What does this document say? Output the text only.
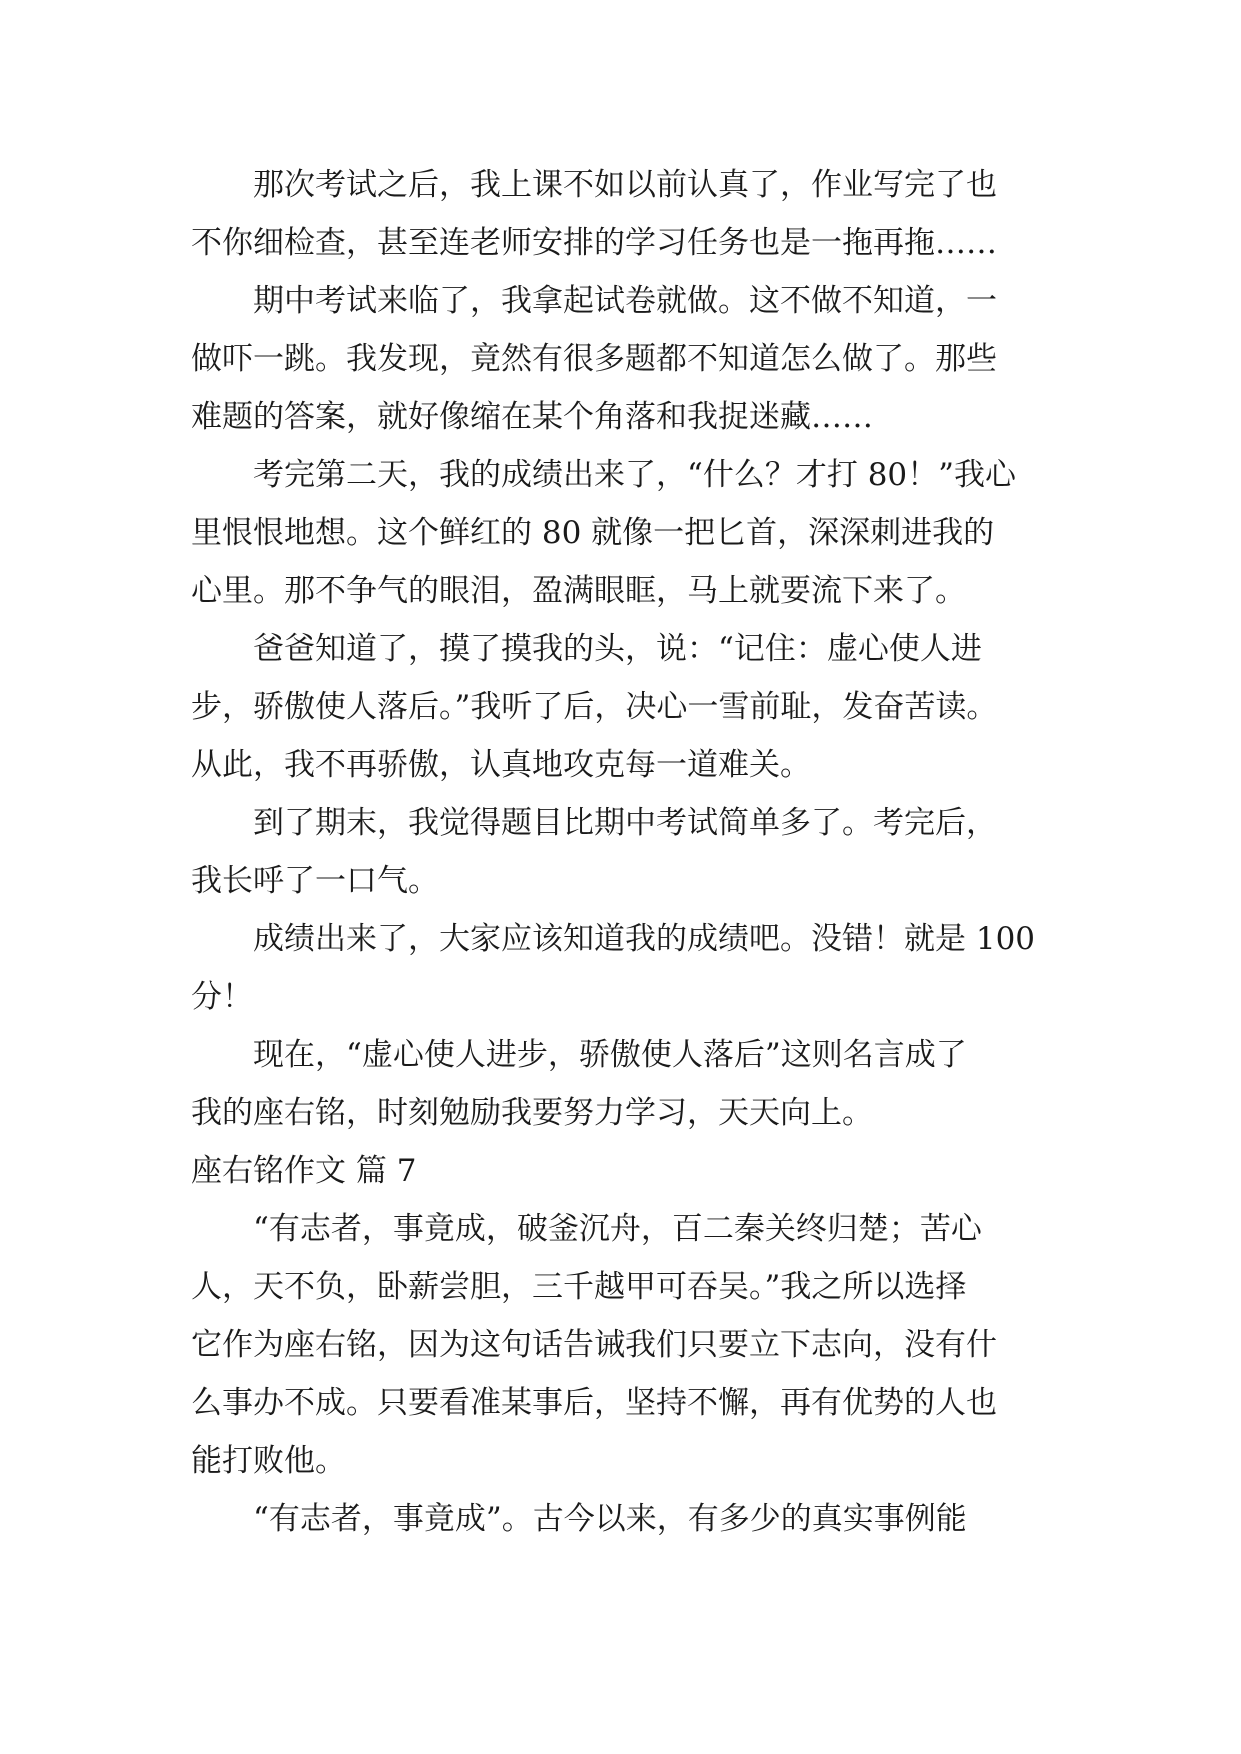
　　那次考试之后，我上课不如以前认真了，作业写完了也
不你细检查，甚至连老师安排的学习任务也是一拖再拖……
　　期中考试来临了，我拿起试卷就做。这不做不知道，一
做吓一跳。我发现，竟然有很多题都不知道怎么做了。那些
难题的答案，就好像缩在某个角落和我捉迷藏……
　　考完第二天，我的成绩出来了，“什么？才打 80！”我心
里恨恨地想。这个鲜红的 80 就像一把匕首，深深刺进我的
心里。那不争气的眼泪，盈满眼眶，马上就要流下来了。
　　爸爸知道了，摸了摸我的头，说：“记住：虚心使人进
步，骄傲使人落后。”我听了后，决心一雪前耻，发奋苦读。
从此，我不再骄傲，认真地攻克每一道难关。
　　到了期末，我觉得题目比期中考试简单多了。考完后，
我长呼了一口气。
　　成绩出来了，大家应该知道我的成绩吧。没错！就是 100
分！
　　现在，“虚心使人进步，骄傲使人落后”这则名言成了
我的座右铭，时刻勉励我要努力学习，天天向上。
座右铭作文 篇 7
　　“有志者，事竟成，破釜沉舟，百二秦关终归楚；苦心
人，天不负，卧薪尝胆，三千越甲可吞吴。”我之所以选择
它作为座右铭，因为这句话告诫我们只要立下志向，没有什
么事办不成。只要看准某事后，坚持不懈，再有优势的人也
能打败他。
　　“有志者，事竟成”。古今以来，有多少的真实事例能
